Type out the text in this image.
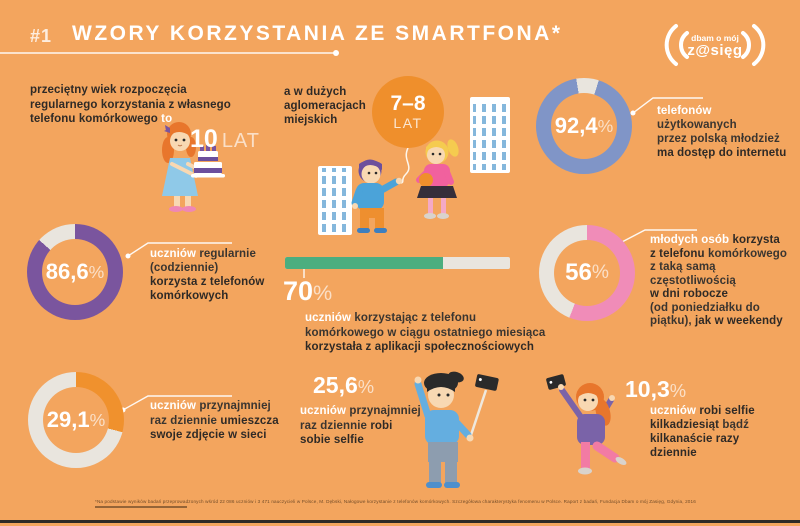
#1 WZORY KORZYSTANIA ZE SMARTFONA*	dbam o mój
z@sięg
przeciętny wiek rozpoczęcia
regularnego korzystania z własnego
telefonu komórkowego to
10 LAT
a w dużych
aglomeracjach
miejskich
7–8
LAT	92,4 %
telefonów
użytkowanych
przez polską młodzież
ma dostęp do internetu
86,6 %
uczniów regularnie
(codziennie)
korzysta z telefonów
komórkowych	70%
uczniów korzystając z telefonu
komórkowego w ciągu ostatniego miesiąca
korzystała z aplikacji społecznościowych
56 %
młodych osób korzysta
z telefonu komórkowego
z taką samą
częstotliwością
w dni robocze
(od poniedziałku do
piątku), jak w weekendy
29,1 %
uczniów przynajmniej
raz dziennie umieszcza
swoje zdjęcie w sieci
25,6%
uczniów przynajmniej
raz dziennie robi
sobie selfie
10,3%
uczniów robi selfie
kilkadziesiąt bądź
kilkanaście razy
dziennie
*Na podstawie wyników badań przeprowadzonych wśród 22 086 uczniów i 3 471 nauczycieli w Polsce, M. Dębski, Nałogowe korzystanie z telefonów komórkowych. Szczegółowa charakterystyka fenomenu w Polsce. Raport z badań, Fundacja Dbam o mój Zasięg, Gdynia, 2016
